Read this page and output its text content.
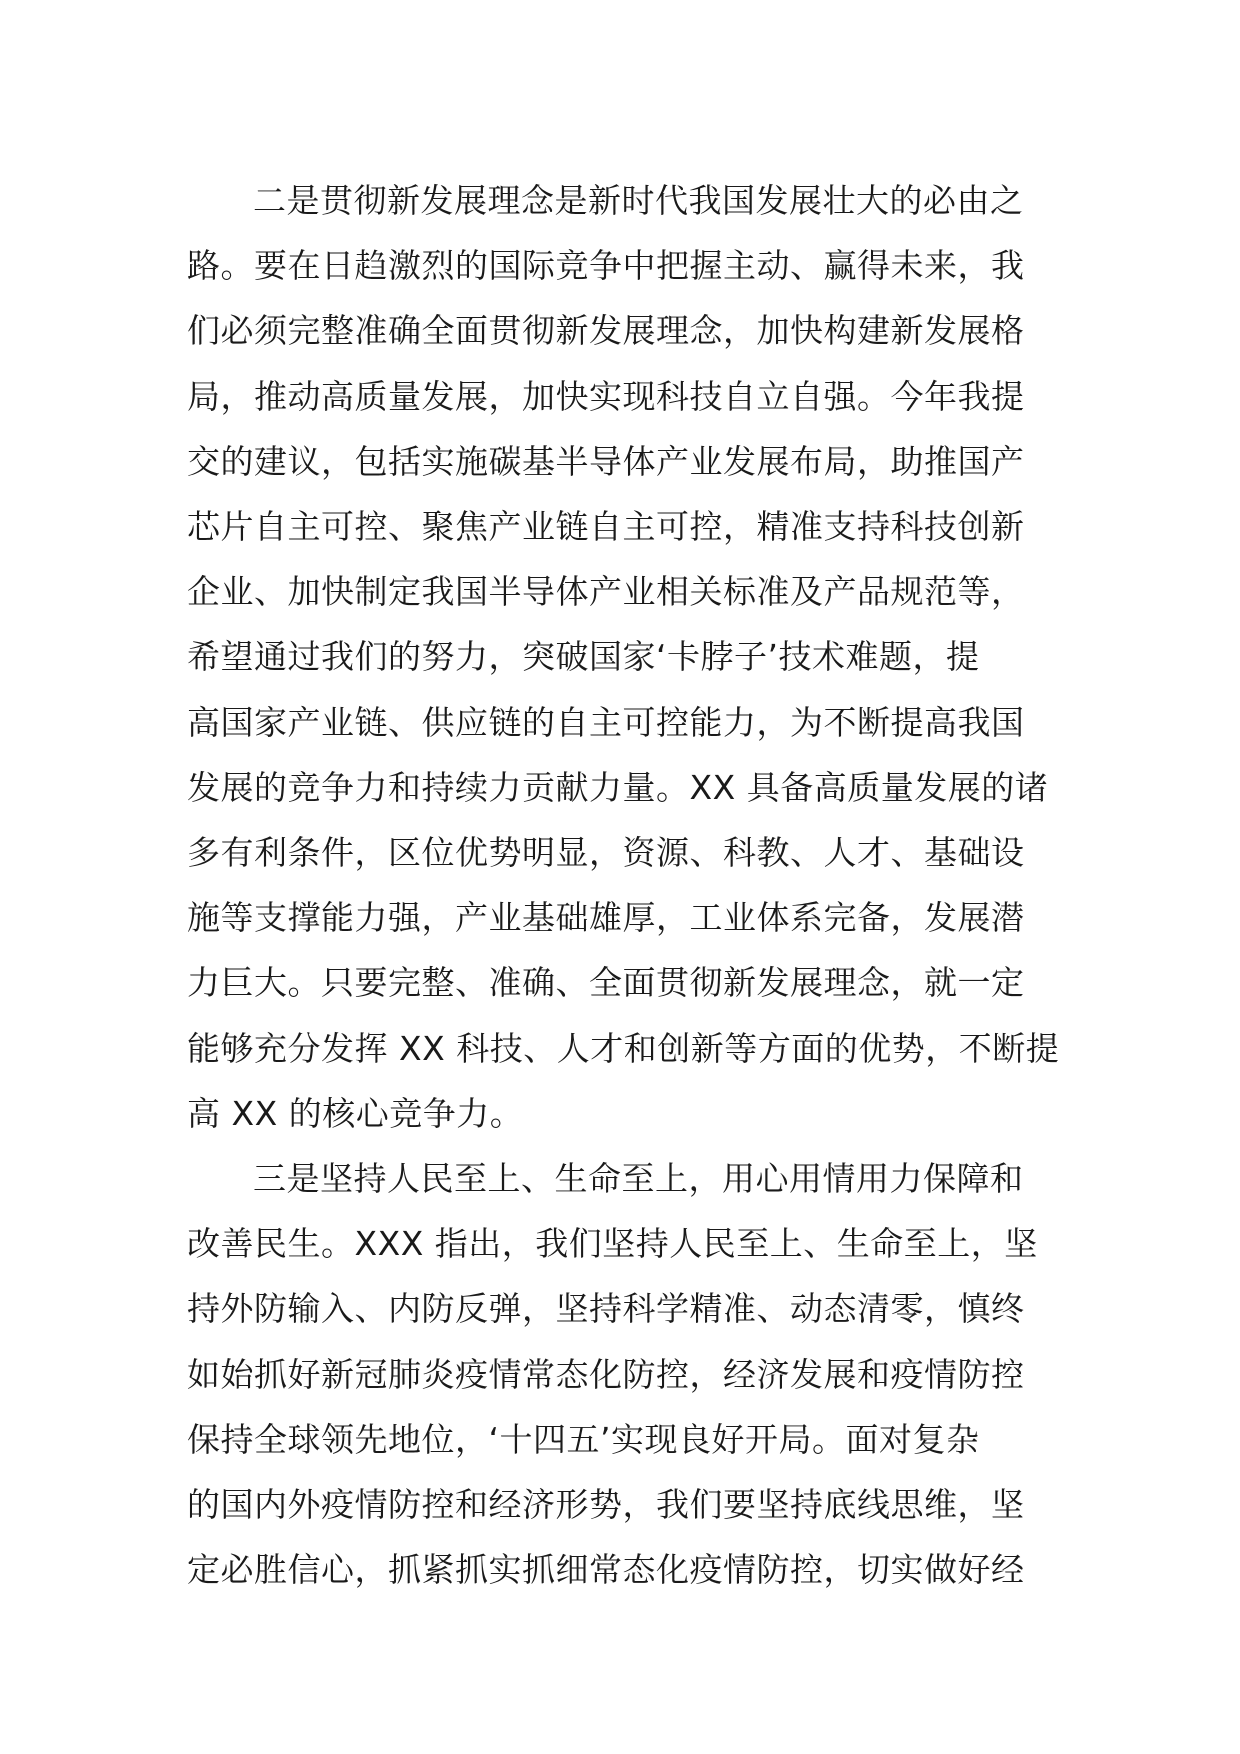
二是贯彻新发展理念是新时代我国发展壮大的必由之
路。要在日趋激烈的国际竞争中把握主动、赢得未来，我
们必须完整准确全面贯彻新发展理念，加快构建新发展格
局，推动高质量发展，加快实现科技自立自强。今年我提
交的建议，包括实施碳基半导体产业发展布局，助推国产
芯片自主可控、聚焦产业链自主可控，精准支持科技创新
企业、加快制定我国半导体产业相关标准及产品规范等，
希望通过我们的努力，突破国家‘卡脖子’技术难题，提
高国家产业链、供应链的自主可控能力，为不断提高我国
发展的竞争力和持续力贡献力量。XX 具备高质量发展的诸
多有利条件，区位优势明显，资源、科教、人才、基础设
施等支撑能力强，产业基础雄厚，工业体系完备，发展潜
力巨大。只要完整、准确、全面贯彻新发展理念，就一定
能够充分发挥 XX 科技、人才和创新等方面的优势，不断提
高 XX 的核心竞争力。
三是坚持人民至上、生命至上，用心用情用力保障和
改善民生。XXX 指出，我们坚持人民至上、生命至上，坚
持外防输入、内防反弹，坚持科学精准、动态清零，慎终
如始抓好新冠肺炎疫情常态化防控，经济发展和疫情防控
保持全球领先地位，‘十四五’实现良好开局。面对复杂
的国内外疫情防控和经济形势，我们要坚持底线思维，坚
定必胜信心，抓紧抓实抓细常态化疫情防控，切实做好经
